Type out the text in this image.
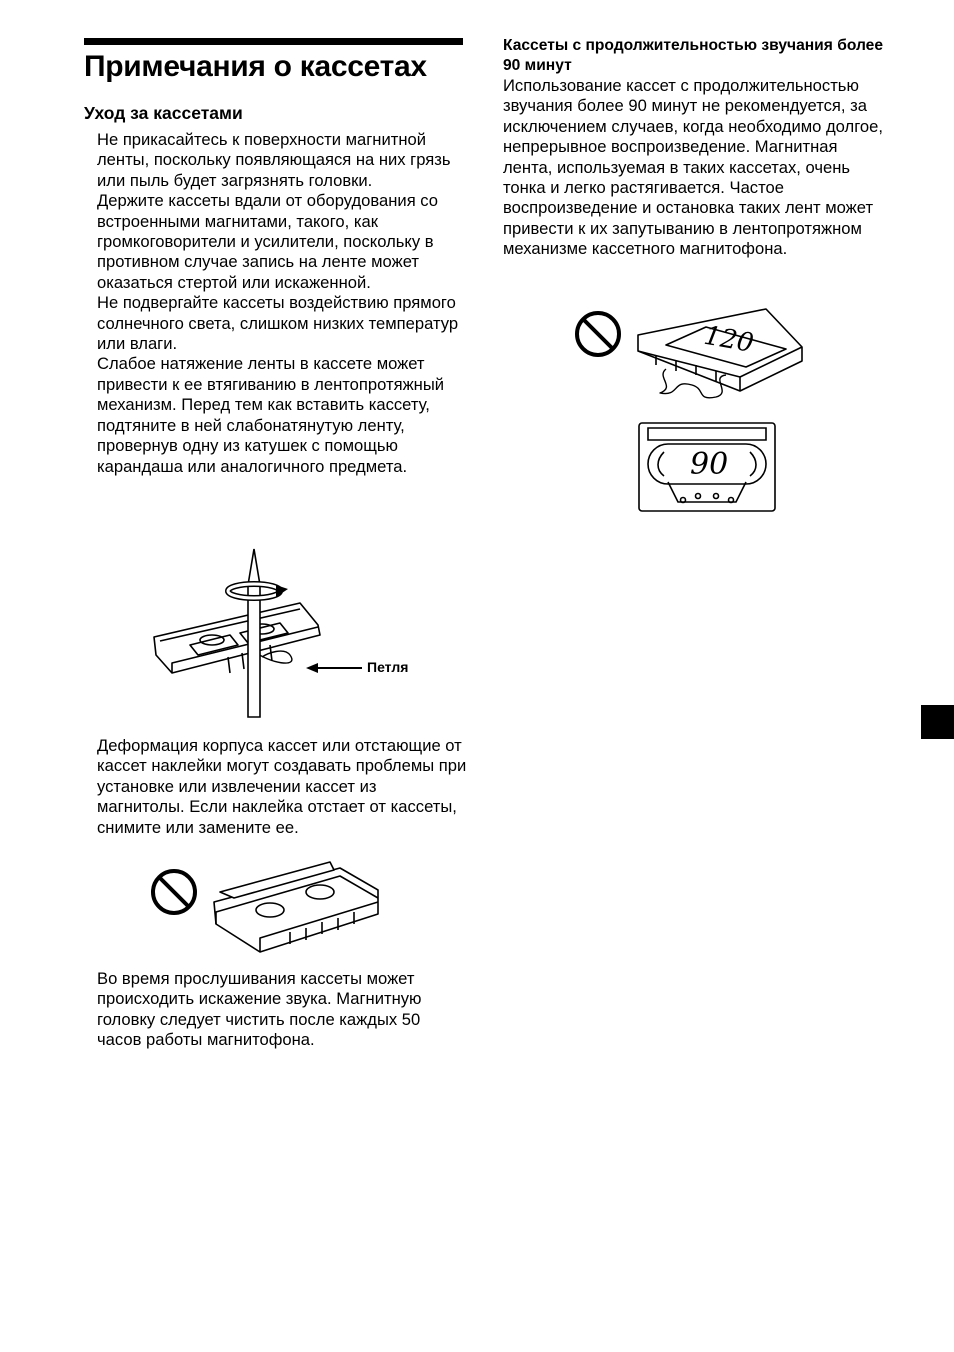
Примечания о кассетах
Уход за кассетами

Не прикасайтесь к поверхности магнитной ленты, поскольку появляющаяся на них грязь или пыль будет загрязнять головки.

Держите кассеты вдали от оборудования со встроенными магнитами, такого, как громкоговорители и усилители, поскольку в противном случае запись на ленте может оказаться стертой или искаженной.

Не подвергайте кассеты воздействию прямого солнечного света, слишком низких температур или влаги.

Слабое натяжение ленты в кассете может привести к ее втягиванию в лентопротяжный механизм. Перед тем как вставить кассету, подтяните в ней слабонатянутую ленту, провернув одну из катушек с помощью карандаша или аналогичного предмета.

Петля
Деформация корпуса кассет или отстающие от кассет наклейки могут создавать проблемы при установке или извлечении кассет из магнитолы. Если наклейка отстает от кассеты, снимите или замените ее.
Во время прослушивания кассеты может происходить искажение звука. Магнитную головку следует чистить после каждых 50 часов работы магнитофона.
Кассеты с продолжительностью звучания более 90 минут
Использование кассет с продолжительностью звучания более 90 минут не рекомендуется, за исключением случаев, когда необходимо долгое, непрерывное воспроизведение. Магнитная лента, используемая в таких кассетах, очень тонка и легко растягивается. Частое воспроизведение и остановка таких лент может привести к их запутыванию в лентопротяжном механизме кассетного магнитофона.
120
90
